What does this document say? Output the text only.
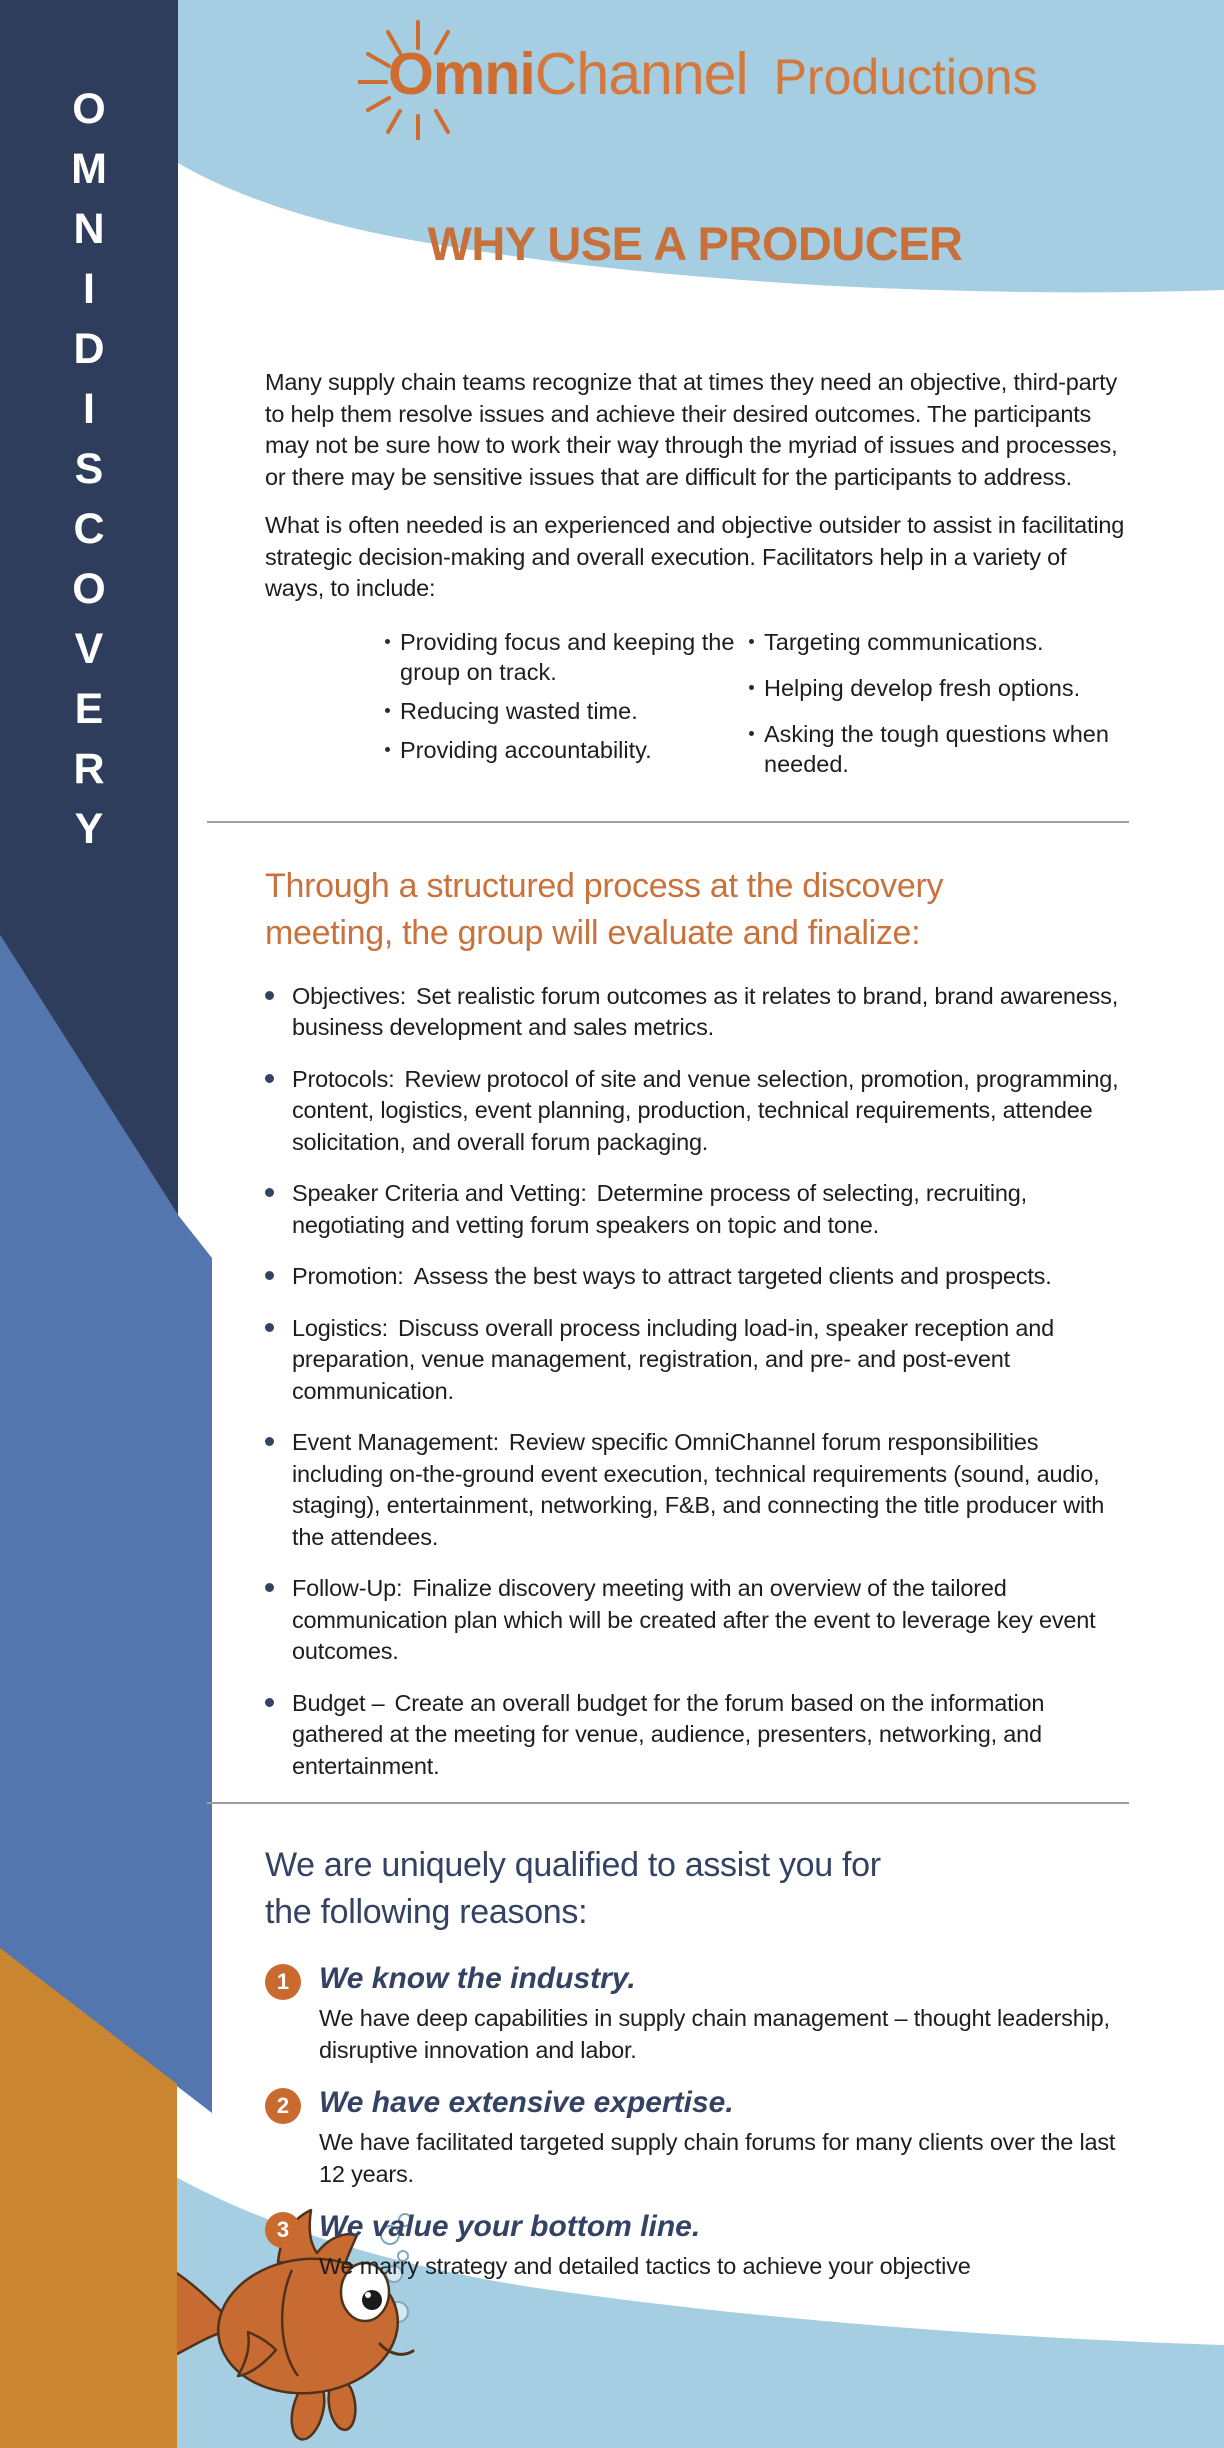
O
M
N
I
D
I
S
C
O
V
E
R
Y
OmniChannel Productions
WHY USE A PRODUCER

Many supply chain teams recognize that at times they need an objective, third-party to help them resolve issues and achieve their desired outcomes. The participants may not be sure how to work their way through the myriad of issues and processes, or there may be sensitive issues that are difficult for the participants to address.

What is often needed is an experienced and objective outsider to assist in facilitating strategic decision-making and overall execution. Facilitators help in a variety of ways, to include:

Providing focus and keeping the group on track.
Reducing wasted time.
Providing accountability.
Targeting communications.
Helping develop fresh options.
Asking the tough questions when needed.
Through a structured process at the discovery meeting, the group will evaluate and finalize:
Objectives: Set realistic forum outcomes as it relates to brand, brand awareness, business development and sales metrics.
Protocols: Review protocol of site and venue selection, promotion, programming, content, logistics, event planning, production, technical requirements, attendee solicitation, and overall forum packaging.
Speaker Criteria and Vetting: Determine process of selecting, recruiting, negotiating and vetting forum speakers on topic and tone.
Promotion: Assess the best ways to attract targeted clients and prospects.
Logistics: Discuss overall process including load-in, speaker reception and preparation, venue management, registration, and pre- and post-event communication.
Event Management: Review specific OmniChannel forum responsibilities including on-the-ground event execution, technical requirements (sound, audio, staging), entertainment, networking, F&B, and connecting the title producer with the attendees.
Follow-Up: Finalize discovery meeting with an overview of the tailored communication plan which will be created after the event to leverage key event outcomes.
Budget – Create an overall budget for the forum based on the information gathered at the meeting for venue, audience, presenters, networking, and entertainment.
We are uniquely qualified to assist you for the following reasons:
1 We know the industry.
We have deep capabilities in supply chain management – thought leadership, disruptive innovation and labor.
2 We have extensive expertise.
We have facilitated targeted supply chain forums for many clients over the last 12 years.
3 We value your bottom line.
We marry strategy and detailed tactics to achieve your objective
